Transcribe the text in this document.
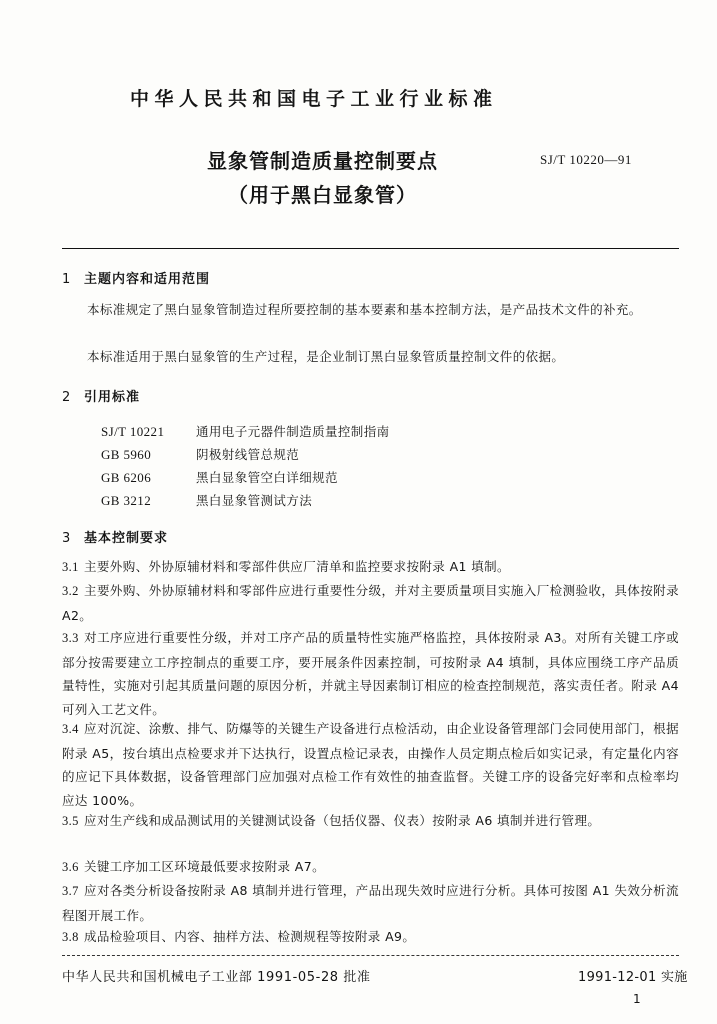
中华人民共和国电子工业行业标准
显象管制造质量控制要点
（用于黑白显象管）
SJ/T 10220—91
1 主题内容和适用范围
本标准规定了黑白显象管制造过程所要控制的基本要素和基本控制方法，是产品技术文件的补充。
本标准适用于黑白显象管的生产过程，是企业制订黑白显象管质量控制文件的依据。
2 引用标准
SJ/T 10221	通用电子元器件制造质量控制指南
GB 5960	阴极射线管总规范
GB 6206	黑白显象管空白详细规范
GB 3212	黑白显象管测试方法
3 基本控制要求
3.1 主要外购、外协原辅材料和零部件供应厂清单和监控要求按附录 A1 填制。
3.2 主要外购、外协原辅材料和零部件应进行重要性分级，并对主要质量项目实施入厂检测验收，具体按附录 A2。
3.3 对工序应进行重要性分级，并对工序产品的质量特性实施严格监控，具体按附录 A3。对所有关键工序或部分按需要建立工序控制点的重要工序，要开展条件因素控制，可按附录 A4 填制，具体应围绕工序产品质量特性，实施对引起其质量问题的原因分析，并就主导因素制订相应的检查控制规范，落实责任者。附录 A4 可列入工艺文件。
3.4 应对沉淀、涂敷、排气、防爆等的关键生产设备进行点检活动，由企业设备管理部门会同使用部门，根据附录 A5，按台填出点检要求并下达执行，设置点检记录表，由操作人员定期点检后如实记录，有定量化内容的应记下具体数据，设备管理部门应加强对点检工作有效性的抽查监督。关键工序的设备完好率和点检率均应达 100%。
3.5 应对生产线和成品测试用的关键测试设备（包括仪器、仪表）按附录 A6 填制并进行管理。
3.6 关键工序加工区环境最低要求按附录 A7。
3.7 应对各类分析设备按附录 A8 填制并进行管理，产品出现失效时应进行分析。具体可按图 A1 失效分析流程图开展工作。
3.8 成品检验项目、内容、抽样方法、检测规程等按附录 A9。
中华人民共和国机械电子工业部 1991-05-28 批准	1991-12-01 实施
1
